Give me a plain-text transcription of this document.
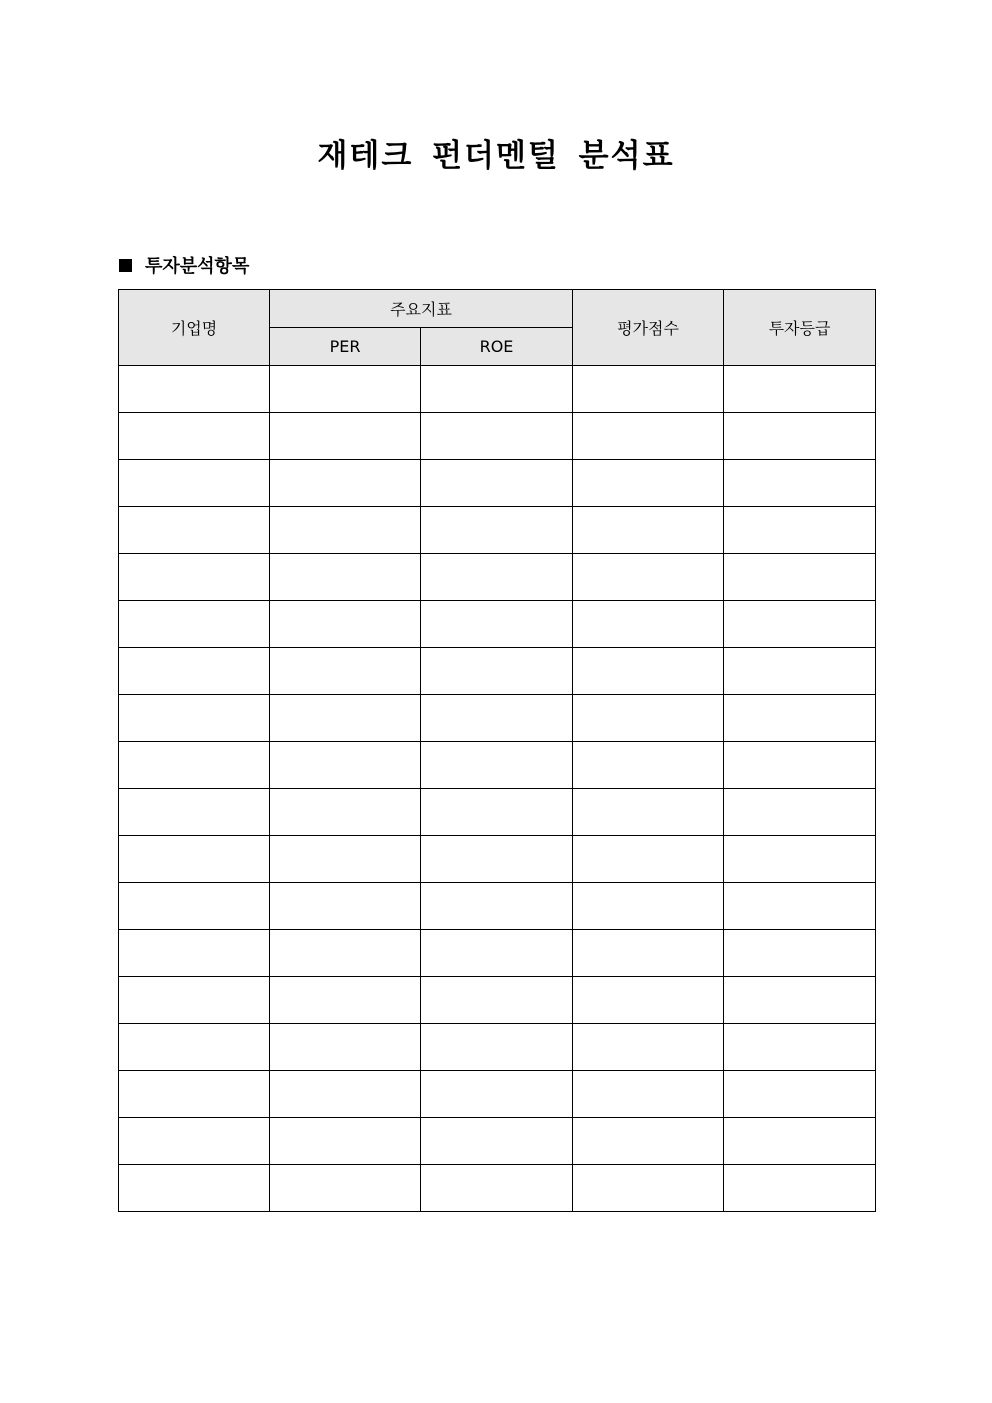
재테크 펀더멘털 분석표
투자분석항목
기업명	주요지표		평가점수	투자등급
	PER	ROE		
